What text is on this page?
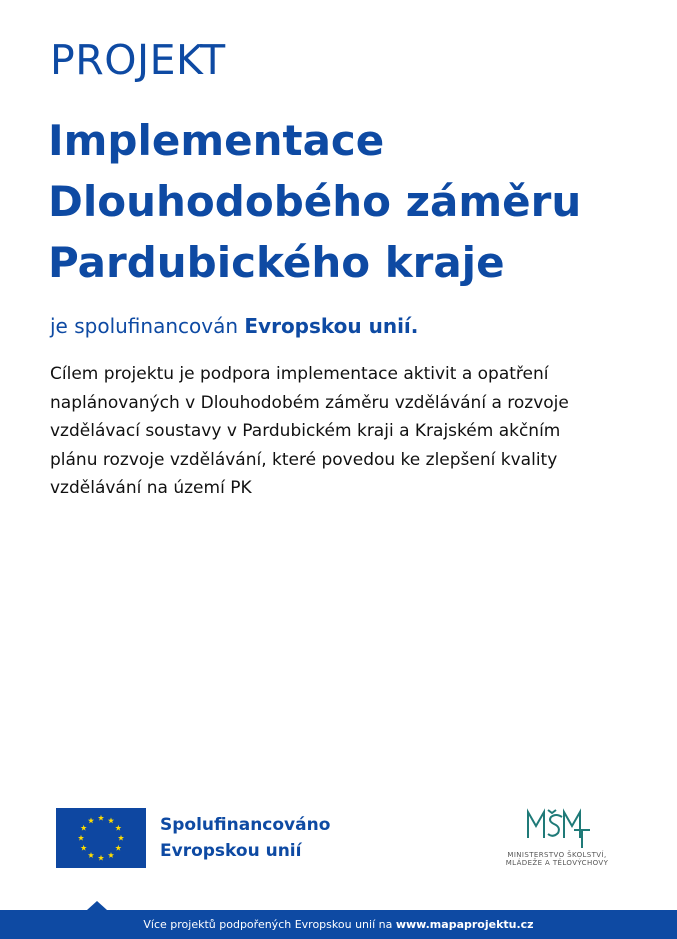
PROJEKT
Implementace
Dlouhodobého záměru
Pardubického kraje
je spolufinancován Evropskou unií.
Cílem projektu je podpora implementace aktivit a opatření
naplánovaných v Dlouhodobém záměru vzdělávání a rozvoje
vzdělávací soustavy v Pardubickém kraji a Krajském akčním
plánu rozvoje vzdělávání, které povedou ke zlepšení kvality
vzdělávání na území PK
Spolufinancováno
Evropskou unií	MINISTERSTVO ŠKOLSTVÍ,
MLÁDEŽE A TĚLOVÝCHOVY
Více projektů podpořených Evropskou unií na www.mapaprojektu.cz
